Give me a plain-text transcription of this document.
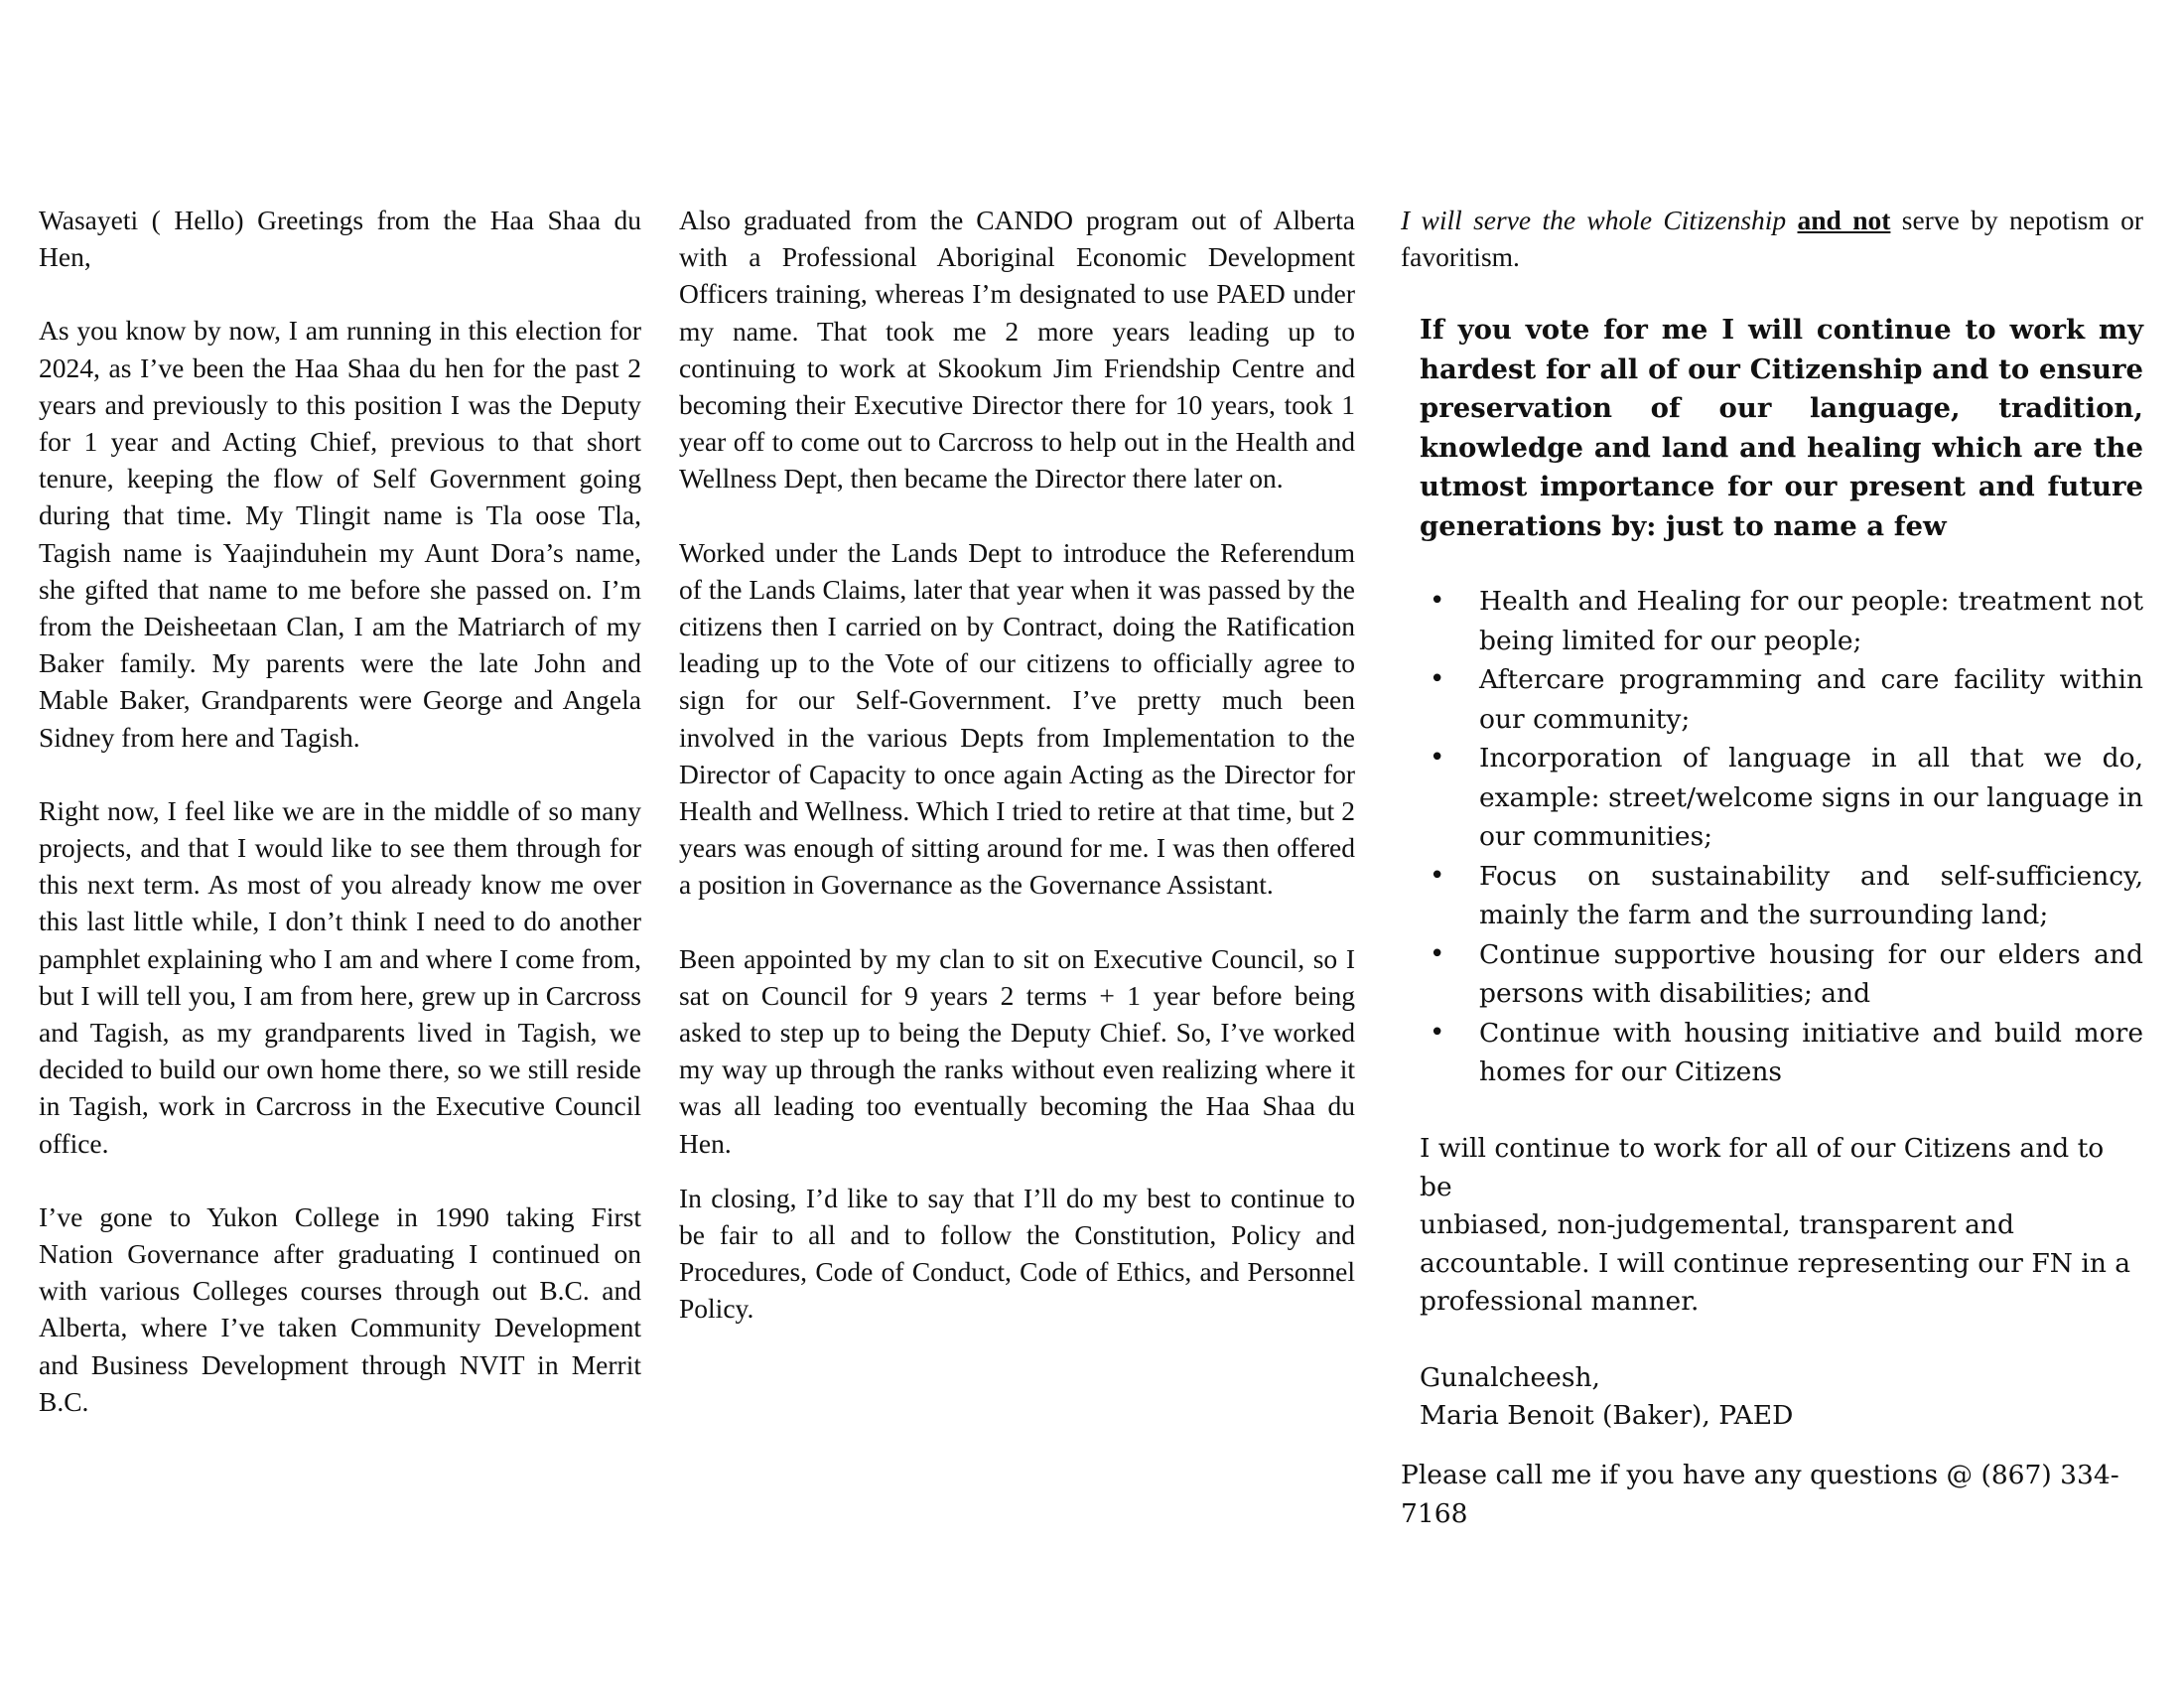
Wasayeti ( Hello) Greetings from the Haa Shaa du Hen,

As you know by now, I am running in this election for 2024, as I’ve been the Haa Shaa du hen for the past 2 years and previously to this position I was the Deputy for 1 year and Acting Chief, previous to that short tenure, keeping the flow of Self Government going during that time. My Tlingit name is Tla oose Tla, Tagish name is Yaajinduhein my Aunt Dora’s name, she gifted that name to me before she passed on. I’m from the Deisheetaan Clan, I am the Matriarch of my Baker family. My parents were the late John and Mable Baker, Grandparents were George and Angela Sidney from here and Tagish.

Right now, I feel like we are in the middle of so many projects, and that I would like to see them through for this next term. As most of you already know me over this last little while, I don’t think I need to do another pamphlet explaining who I am and where I come from, but I will tell you, I am from here, grew up in Carcross and Tagish, as my grandparents lived in Tagish, we decided to build our own home there, so we still reside in Tagish, work in Carcross in the Executive Council office.

I’ve gone to Yukon College in 1990 taking First Nation Governance after graduating I continued on with various Colleges courses through out B.C. and Alberta, where I’ve taken Community Development and Business Development through NVIT in Merrit B.C.

Also graduated from the CANDO program out of Alberta with a Professional Aboriginal Economic Development Officers training, whereas I’m designated to use PAED under my name. That took me 2 more years leading up to continuing to work at Skookum Jim Friendship Centre and becoming their Executive Director there for 10 years, took 1 year off to come out to Carcross to help out in the Health and Wellness Dept, then became the Director there later on.

Worked under the Lands Dept to introduce the Referendum of the Lands Claims, later that year when it was passed by the citizens then I carried on by Contract, doing the Ratification leading up to the Vote of our citizens to officially agree to sign for our Self-Government. I’ve pretty much been involved in the various Depts from Implementation to the Director of Capacity to once again Acting as the Director for Health and Wellness. Which I tried to retire at that time, but 2 years was enough of sitting around for me. I was then offered a position in Governance as the Governance Assistant.

Been appointed by my clan to sit on Executive Council, so I sat on Council for 9 years 2 terms + 1 year before being asked to step up to being the Deputy Chief. So, I’ve worked my way up through the ranks without even realizing where it was all leading too eventually becoming the Haa Shaa du Hen.

In closing, I’d like to say that I’ll do my best to continue to be fair to all and to follow the Constitution, Policy and Procedures, Code of Conduct, Code of Ethics, and Personnel Policy.

I will serve the whole Citizenship and not serve by nepotism or favoritism.

If you vote for me I will continue to work my hardest for all of our Citizenship and to ensure preservation of our language, tradition, knowledge and land and healing which are the utmost importance for our present and future generations by: just to name a few
• Health and Healing for our people: treatment not being limited for our people;
• Aftercare programming and care facility within our community;
• Incorporation of language in all that we do, example: street/welcome signs in our language in our communities;
• Focus on sustainability and self-sufficiency, mainly the farm and the surrounding land;
• Continue supportive housing for our elders and persons with disabilities; and
• Continue with housing initiative and build more homes for our Citizens
I will continue to work for all of our Citizens and to be
unbiased, non-judgemental, transparent and
accountable. I will continue representing our FN in a
professional manner.
Gunalcheesh,
Maria Benoit (Baker), PAED
Please call me if you have any questions @ (867) 334-7168
